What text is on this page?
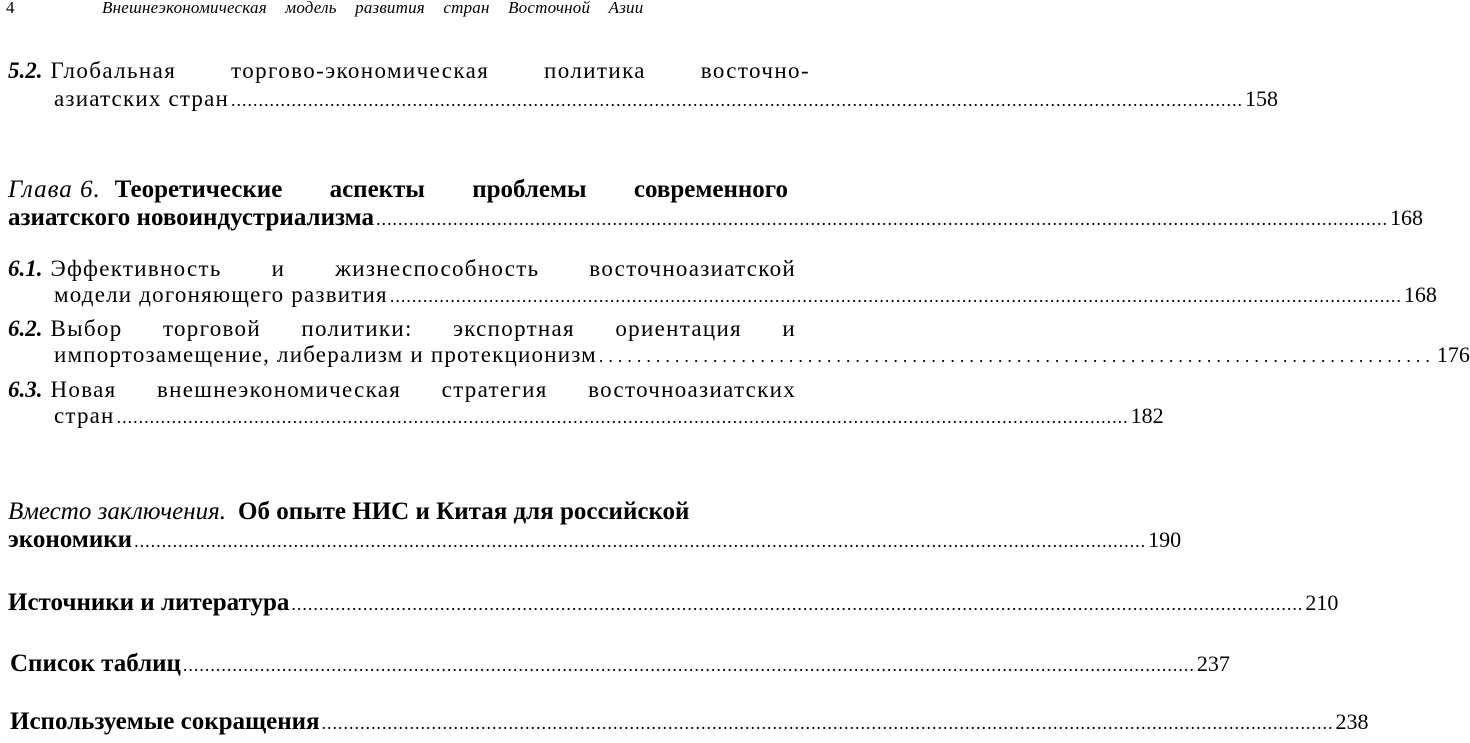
4	Внешнеэкономическая модель развития стран Восточной Азии
5.2. Глобальная торгово-экономическая политика восточно-
азиатских стран ........................................................................................................................................................................................ 158
Глава 6. Теоретические аспекты проблемы современного
азиатского новоиндустриализма ........................................................................................................................................................................................ 168
6.1. Эффективность и жизнеспособность восточноазиатской
модели догоняющего развития ........................................................................................................................................................................................ 168
6.2. Выбор торговой политики: экспортная ориентация и
импортозамещение, либерализм и протекционизм ........................................................................................ 176
6.3. Новая внешнеэкономическая стратегия восточноазиатских
стран ........................................................................................................................................................................................ 182
Вместо заключения. Об опыте НИС и Китая для российской
экономики ........................................................................................................................................................................................ 190
Источники и литература ........................................................................................................................................................................................ 210
Список таблиц ........................................................................................................................................................................................ 237
Используемые сокращения ........................................................................................................................................................................................ 238
